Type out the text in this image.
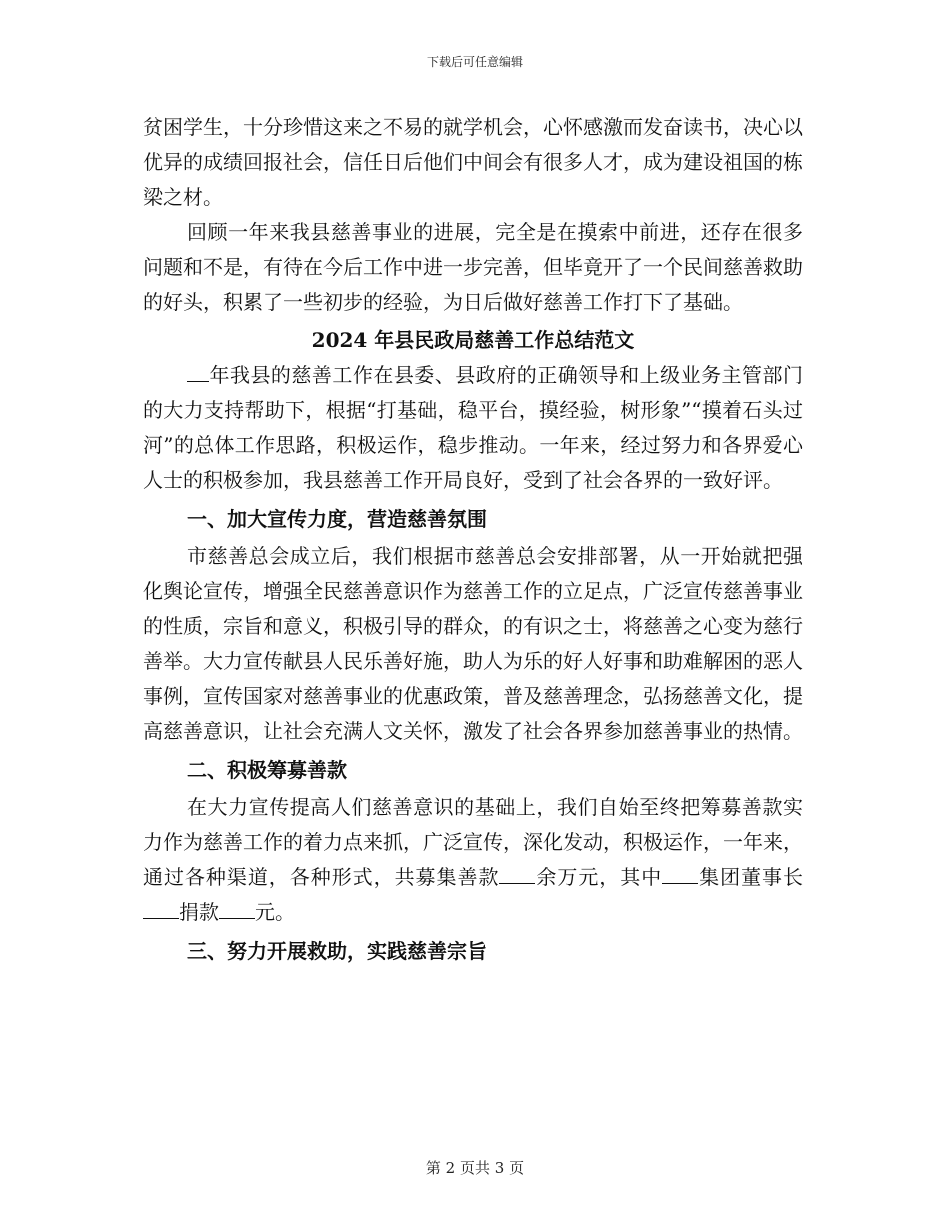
下载后可任意编辑

贫困学生，十分珍惜这来之不易的就学机会，心怀感激而发奋读书，决心以优异的成绩回报社会，信任日后他们中间会有很多人才，成为建设祖国的栋梁之材。

回顾一年来我县慈善事业的进展，完全是在摸索中前进，还存在很多问题和不是，有待在今后工作中进一步完善，但毕竟开了一个民间慈善救助的好头，积累了一些初步的经验，为日后做好慈善工作打下了基础。

2024 年县民政局慈善工作总结范文

年我县的慈善工作在县委、县政府的正确领导和上级业务主管部门的大力支持帮助下，根据“打基础，稳平台，摸经验，树形象”“摸着石头过河”的总体工作思路，积极运作，稳步推动。一年来，经过努力和各界爱心人士的积极参加，我县慈善工作开局良好，受到了社会各界的一致好评。

一、加大宣传力度，营造慈善氛围

市慈善总会成立后，我们根据市慈善总会安排部署，从一开始就把强化舆论宣传，增强全民慈善意识作为慈善工作的立足点，广泛宣传慈善事业的性质，宗旨和意义，积极引导的群众，的有识之士，将慈善之心变为慈行善举。大力宣传献县人民乐善好施，助人为乐的好人好事和助难解困的恶人事例，宣传国家对慈善事业的优惠政策，普及慈善理念，弘扬慈善文化，提高慈善意识，让社会充满人文关怀，激发了社会各界参加慈善事业的热情。

二、积极筹募善款

在大力宣传提高人们慈善意识的基础上，我们自始至终把筹募善款实力作为慈善工作的着力点来抓，广泛宣传，深化发动，积极运作，一年来，通过各种渠道，各种形式，共募集善款 余万元，其中 集团董事长捐款 元。

三、努力开展救助，实践慈善宗旨

第 2 页共 3 页
